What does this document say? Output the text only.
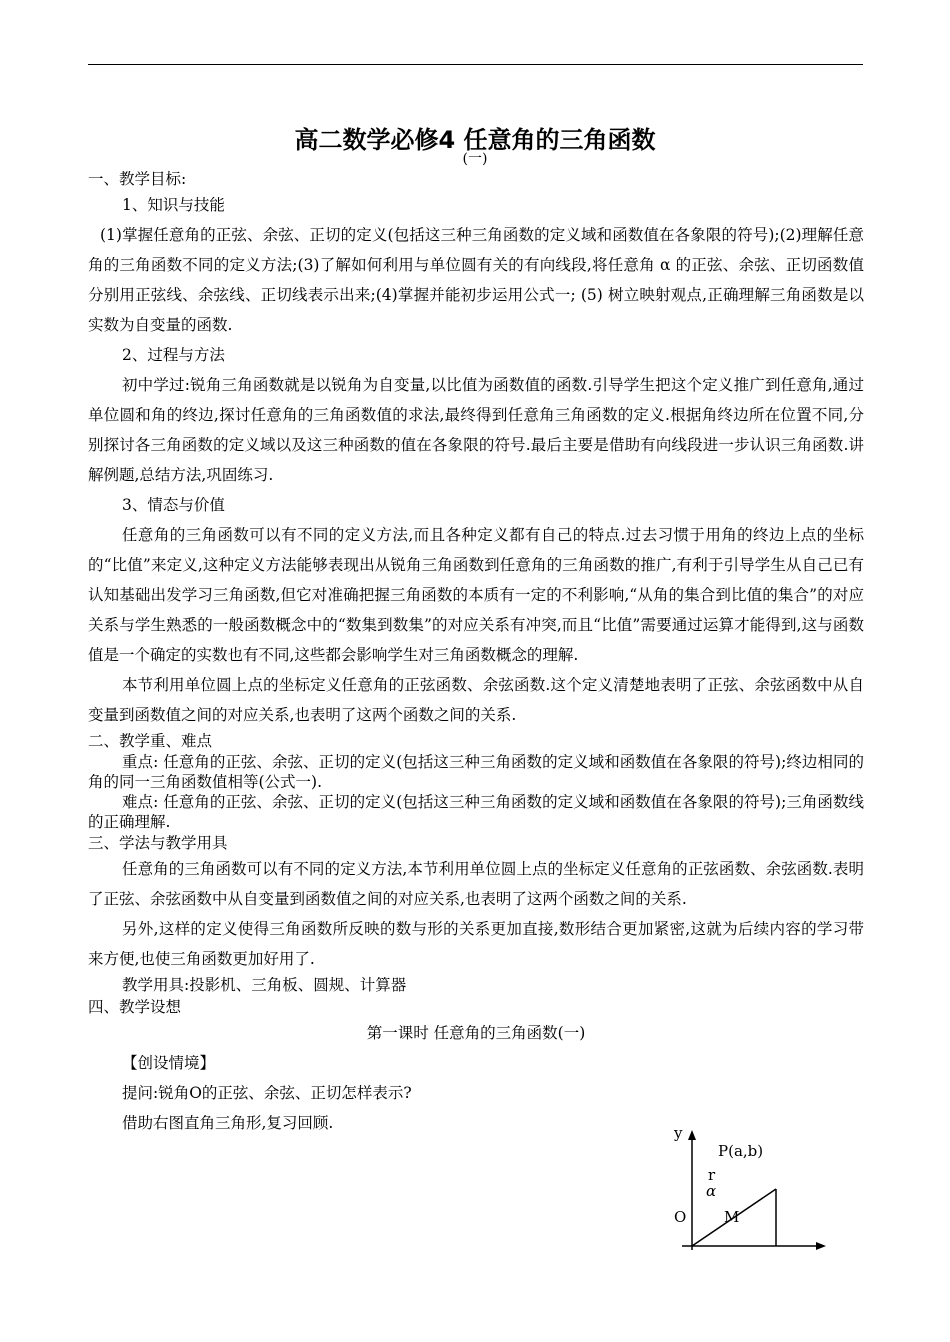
高二数学必修4 任意角的三角函数
(一)
一、教学目标:
1、知识与技能
(1)掌握任意角的正弦、余弦、正切的定义(包括这三种三角函数的定义域和函数值在各象限的符号);(2)理解任意角的三角函数不同的定义方法;(3)了解如何利用与单位圆有关的有向线段,将任意角 α 的正弦、余弦、正切函数值分别用正弦线、余弦线、正切线表示出来;(4)掌握并能初步运用公式一; (5) 树立映射观点,正确理解三角函数是以实数为自变量的函数.
2、过程与方法
初中学过:锐角三角函数就是以锐角为自变量,以比值为函数值的函数.引导学生把这个定义推广到任意角,通过单位圆和角的终边,探讨任意角的三角函数值的求法,最终得到任意角三角函数的定义.根据角终边所在位置不同,分别探讨各三角函数的定义域以及这三种函数的值在各象限的符号.最后主要是借助有向线段进一步认识三角函数.讲解例题,总结方法,巩固练习.
3、情态与价值
任意角的三角函数可以有不同的定义方法,而且各种定义都有自己的特点.过去习惯于用角的终边上点的坐标的“比值”来定义,这种定义方法能够表现出从锐角三角函数到任意角的三角函数的推广,有利于引导学生从自己已有认知基础出发学习三角函数,但它对准确把握三角函数的本质有一定的不利影响,“从角的集合到比值的集合”的对应关系与学生熟悉的一般函数概念中的“数集到数集”的对应关系有冲突,而且“比值”需要通过运算才能得到,这与函数值是一个确定的实数也有不同,这些都会影响学生对三角函数概念的理解.
本节利用单位圆上点的坐标定义任意角的正弦函数、余弦函数.这个定义清楚地表明了正弦、余弦函数中从自变量到函数值之间的对应关系,也表明了这两个函数之间的关系.
二、教学重、难点
重点: 任意角的正弦、余弦、正切的定义(包括这三种三角函数的定义域和函数值在各象限的符号);终边相同的角的同一三角函数值相等(公式一).
难点: 任意角的正弦、余弦、正切的定义(包括这三种三角函数的定义域和函数值在各象限的符号);三角函数线的正确理解.
三、学法与教学用具
任意角的三角函数可以有不同的定义方法,本节利用单位圆上点的坐标定义任意角的正弦函数、余弦函数.表明了正弦、余弦函数中从自变量到函数值之间的对应关系,也表明了这两个函数之间的关系.
另外,这样的定义使得三角函数所反映的数与形的关系更加直接,数形结合更加紧密,这就为后续内容的学习带来方便,也使三角函数更加好用了.
教学用具:投影机、三角板、圆规、计算器
四、教学设想
第一课时 任意角的三角函数(一)
【创设情境】
提问:锐角Ο的正弦、余弦、正切怎样表示?
借助右图直角三角形,复习回顾.
y
P(a,b)
r
α
O	M
